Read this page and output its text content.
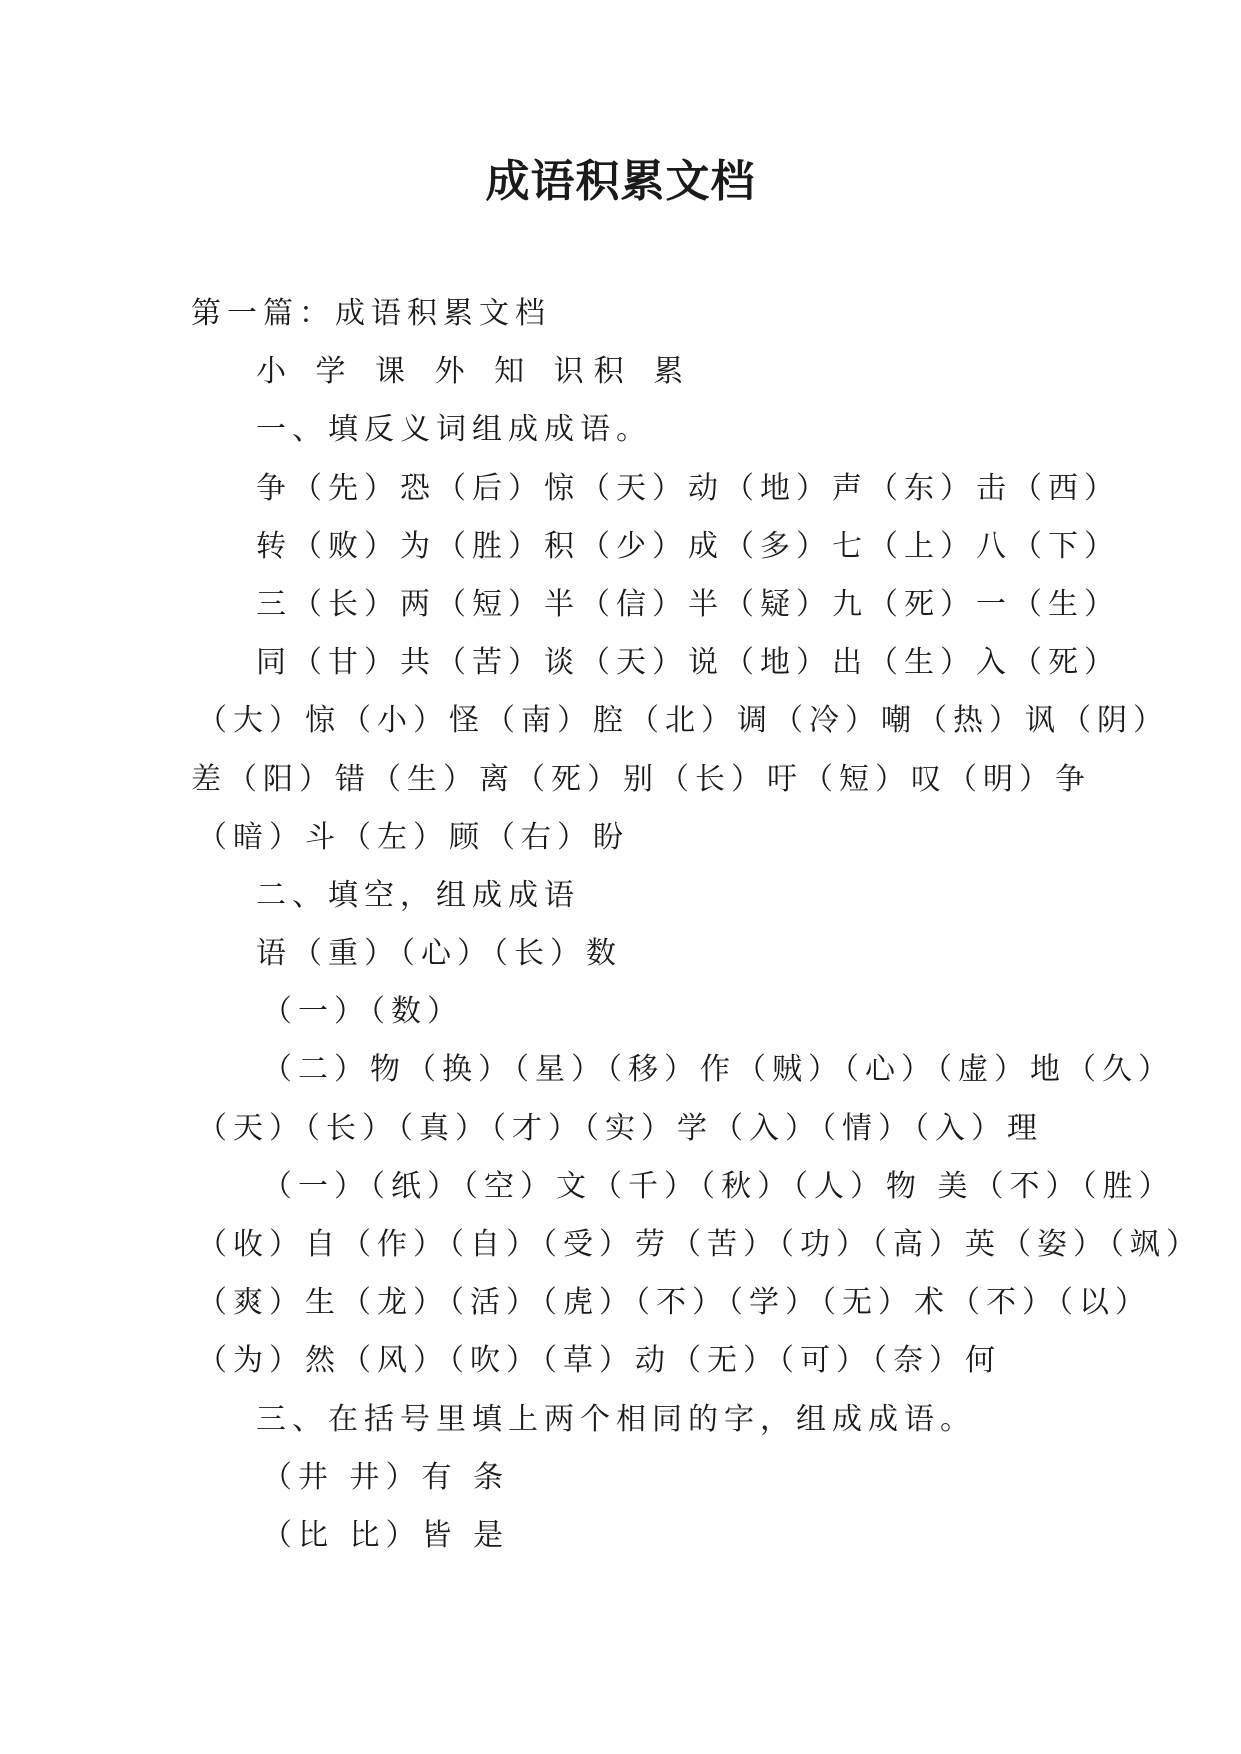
成语积累文档
第一篇：成语积累文档
小 学 课 外 知 识积 累
一、填反义词组成成语。
争（先）恐（后）惊（天）动（地）声（东）击（西）
转（败）为（胜）积（少）成（多）七（上）八（下）
三（长）两（短）半（信）半（疑）九（死）一（生）
同（甘）共（苦）谈（天）说（地）出（生）入（死）
（大）惊（小）怪（南）腔（北）调（冷）嘲（热）讽（阴）
差（阳）错（生）离（死）别（长）吁（短）叹（明）争
（暗）斗（左）顾（右）盼
二、填空，组成成语
语（重）（心）（长）数
（一）（数）
（二）物（换）（星）（移）作（贼）（心）（虚）地（久）
（天）（长）（真）（才）（实）学（入）（情）（入）理
（一）（纸）（空）文（千）（秋）（人）物 美（不）（胜）
（收）自（作）（自）（受）劳（苦）（功）（高）英（姿）（飒）
（爽）生（龙）（活）（虎）（不）（学）（无）术（不）（以）
（为）然（风）（吹）（草）动（无）（可）（奈）何
三、在括号里填上两个相同的字，组成成语。
（井 井）有 条
（比 比）皆 是
